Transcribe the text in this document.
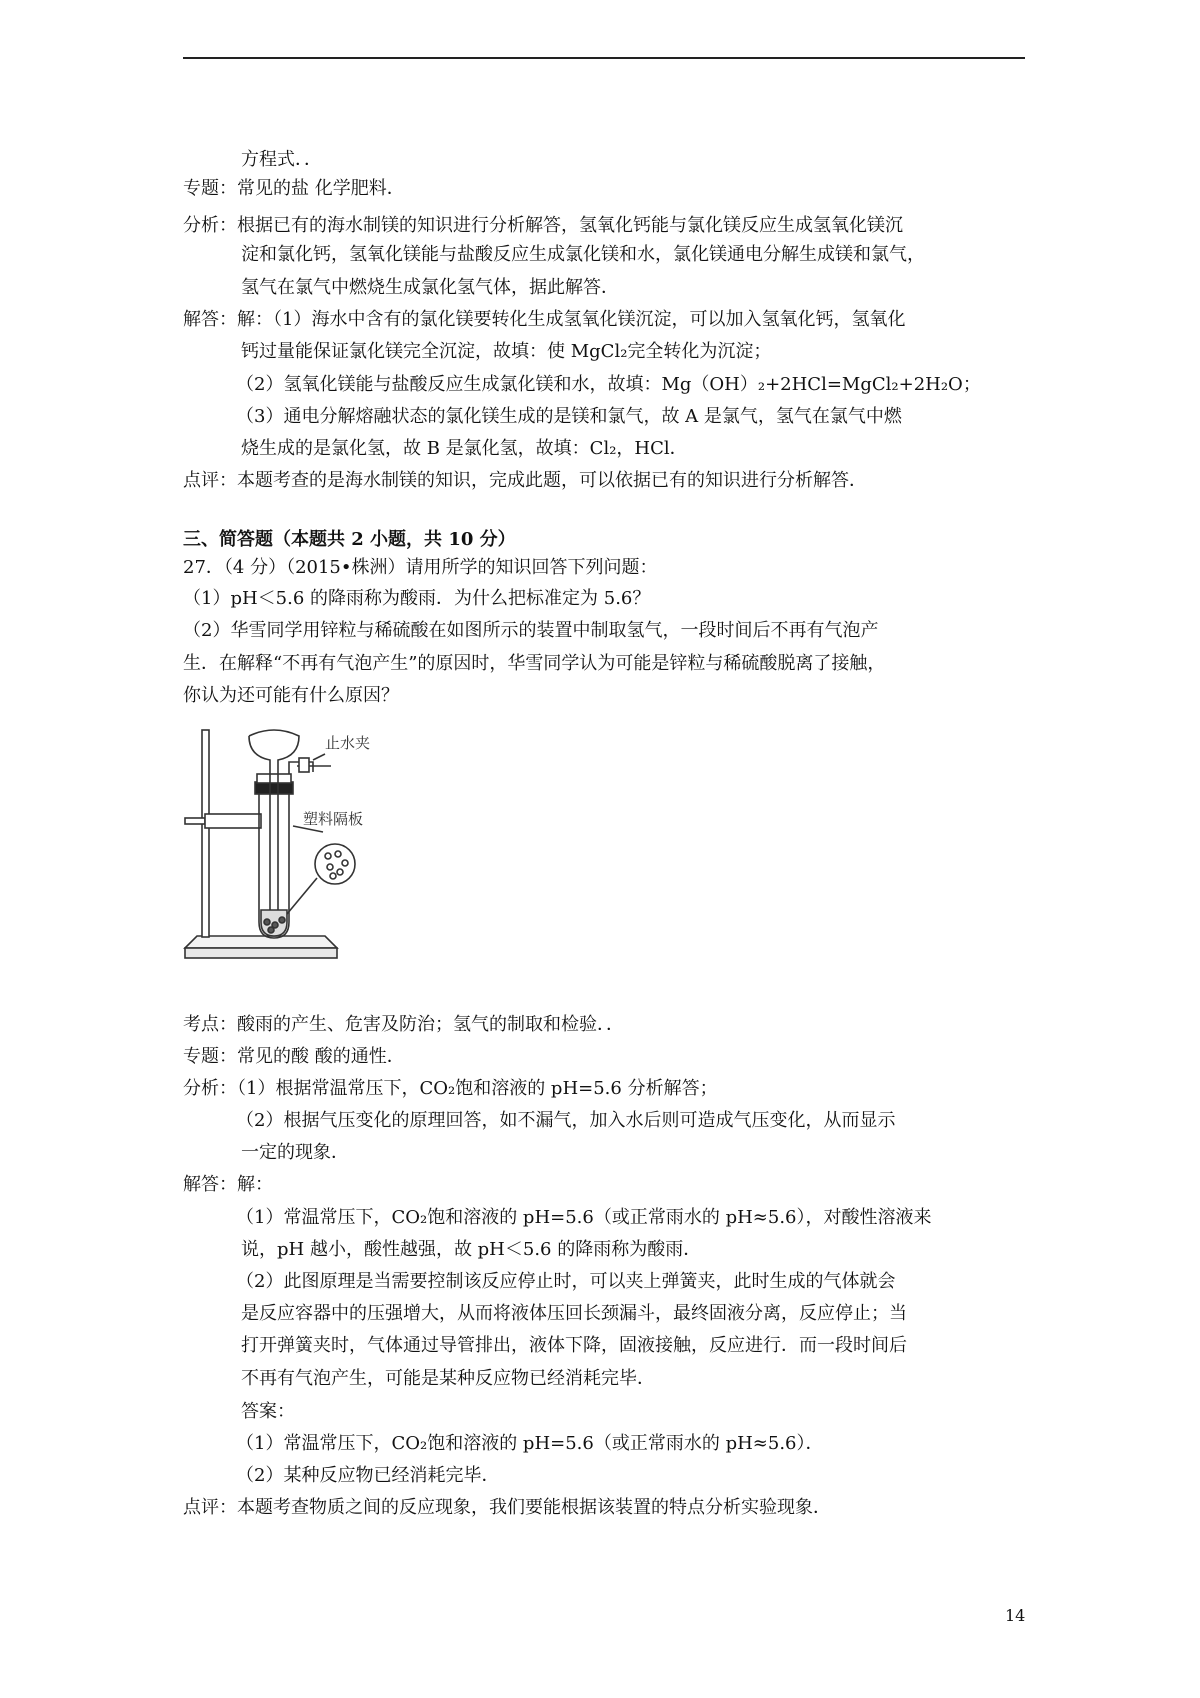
方程式．．
专题：常见的盐 化学肥料．
分析：根据已有的海水制镁的知识进行分析解答，氢氧化钙能与氯化镁反应生成氢氧化镁沉
淀和氯化钙，氢氧化镁能与盐酸反应生成氯化镁和水，氯化镁通电分解生成镁和氯气，
氢气在氯气中燃烧生成氯化氢气体，据此解答．
解答：解：（1）海水中含有的氯化镁要转化生成氢氧化镁沉淀，可以加入氢氧化钙，氢氧化
钙过量能保证氯化镁完全沉淀，故填：使 MgCl₂完全转化为沉淀；
（2）氢氧化镁能与盐酸反应生成氯化镁和水，故填：Mg（OH）₂+2HCl=MgCl₂+2H₂O；
（3）通电分解熔融状态的氯化镁生成的是镁和氯气，故 A 是氯气，氢气在氯气中燃
烧生成的是氯化氢，故 B 是氯化氢，故填：Cl₂，HCl．
点评：本题考查的是海水制镁的知识，完成此题，可以依据已有的知识进行分析解答．
三、简答题（本题共 2 小题，共 10 分）
27．（4 分）（2015•株洲）请用所学的知识回答下列问题：
（1）pH＜5.6 的降雨称为酸雨．为什么把标准定为 5.6？
（2）华雪同学用锌粒与稀硫酸在如图所示的装置中制取氢气，一段时间后不再有气泡产
生．在解释“不再有气泡产生”的原因时，华雪同学认为可能是锌粒与稀硫酸脱离了接触，
你认为还可能有什么原因？
止水夹
塑料隔板
考点：酸雨的产生、危害及防治；氢气的制取和检验．．
专题：常见的酸 酸的通性．
分析：（1）根据常温常压下，CO₂饱和溶液的 pH=5.6 分析解答；
（2）根据气压变化的原理回答，如不漏气，加入水后则可造成气压变化，从而显示
一定的现象．
解答：解：
（1）常温常压下，CO₂饱和溶液的 pH=5.6（或正常雨水的 pH≈5.6），对酸性溶液来
说，pH 越小，酸性越强，故 pH＜5.6 的降雨称为酸雨．
（2）此图原理是当需要控制该反应停止时，可以夹上弹簧夹，此时生成的气体就会
是反应容器中的压强增大，从而将液体压回长颈漏斗，最终固液分离，反应停止；当
打开弹簧夹时，气体通过导管排出，液体下降，固液接触，反应进行．而一段时间后
不再有气泡产生，可能是某种反应物已经消耗完毕．
答案：
（1）常温常压下，CO₂饱和溶液的 pH=5.6（或正常雨水的 pH≈5.6）．
（2）某种反应物已经消耗完毕．
点评：本题考查物质之间的反应现象，我们要能根据该装置的特点分析实验现象．
14
